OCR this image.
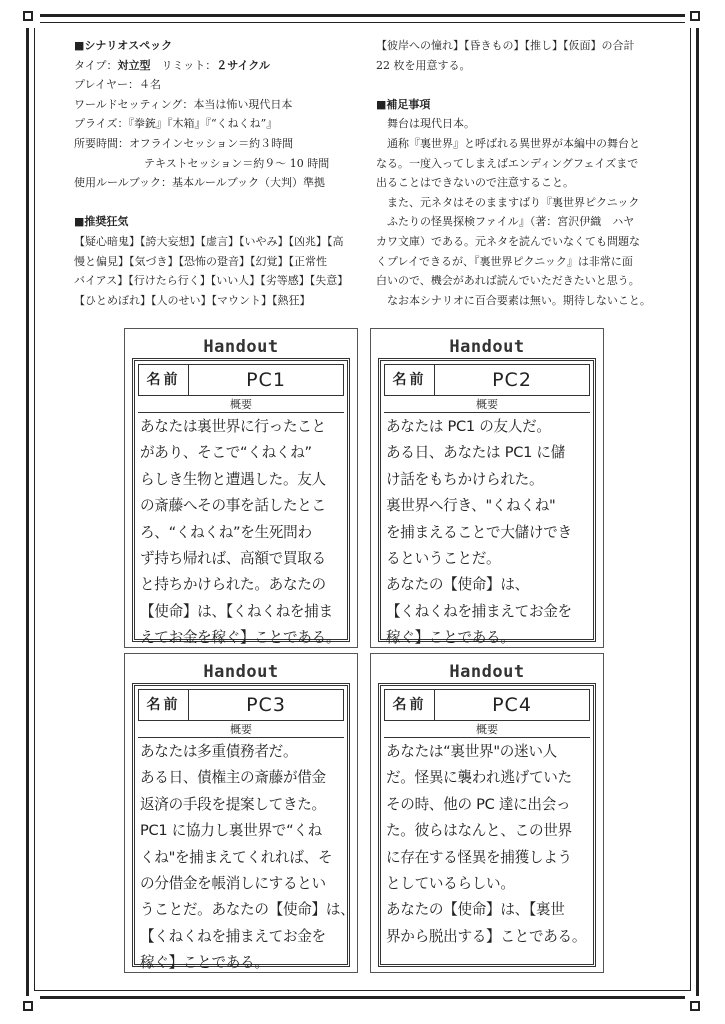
■シナリオスペック
タイプ：対立型　リミット：２サイクル
プレイヤー：４名
ワールドセッティング：本当は怖い現代日本
プライズ：『拳銃』『木箱』『“くねくね”』
所要時間：オフラインセッション＝約３時間
テキストセッション＝約９～ 10 時間
使用ルールブック：基本ルールブック（大判）準拠
■推奨狂気
【疑心暗鬼】【誇大妄想】【虚言】【いやみ】【凶兆】【高
慢と偏見】【気づき】【恐怖の跫音】【幻覚】【正常性
バイアス】【行けたら行く】【いい人】【劣等感】【失意】
【ひとめぼれ】【人のせい】【マウント】【熱狂】
【彼岸への憧れ】【昏きもの】【推し】【仮面】の合計
22 枚を用意する。
■補足事項
　舞台は現代日本。
　通称『裏世界』と呼ばれる異世界が本編中の舞台と
なる。一度入ってしまえばエンディングフェイズまで
出ることはできないので注意すること。
　また、元ネタはそのまますばり『裏世界ピクニック
　ふたりの怪異探検ファイル』（著：宮沢伊織　ハヤ
カワ文庫）である。元ネタを読んでいなくても問題な
くプレイできるが、『裏世界ピクニック』は非常に面
白いので、機会があれば読んでいただきたいと思う。
　なお本シナリオに百合要素は無い。期待しないこと。
Handout
名前	PC1
概要
あなたは裏世界に行ったこと
があり、そこで“くねくね”
らしき生物と遭遇した。友人
の斎藤へその事を話したとこ
ろ、“くねくね”を生死問わ
ず持ち帰れば、高額で買取る
と持ちかけられた。あなたの
【使命】は、【くねくねを捕ま
えてお金を稼ぐ】ことである。
Handout
名前	PC2
概要
あなたは PC1 の友人だ。
ある日、あなたは PC1 に儲
け話をもちかけられた。
裏世界へ行き、"くねくね"
を捕まえることで大儲けでき
るということだ。
あなたの【使命】は、
【くねくねを捕まえてお金を
稼ぐ】ことである。
Handout
名前	PC3
概要
あなたは多重債務者だ。
ある日、債権主の斎藤が借金
返済の手段を提案してきた。
PC1 に協力し裏世界で“くね
くね"を捕まえてくれれば、そ
の分借金を帳消しにするとい
うことだ。あなたの【使命】は、
【くねくねを捕まえてお金を
稼ぐ】ことである。
Handout
名前	PC4
概要
あなたは“裏世界"の迷い人
だ。怪異に襲われ逃げていた
その時、他の PC 達に出会っ
た。彼らはなんと、この世界
に存在する怪異を捕獲しよう
としているらしい。
あなたの【使命】は、【裏世
界から脱出する】ことである。
